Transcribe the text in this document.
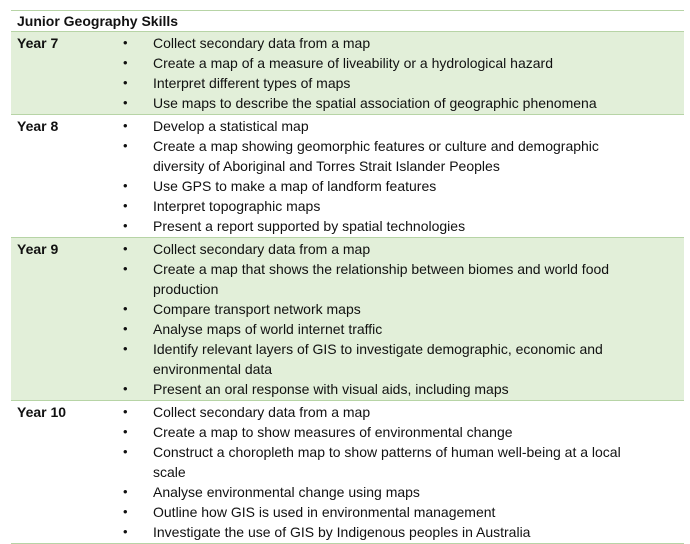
Junior Geography Skills
Year 7	•	Collect secondary data from a map
•	Create a map of a measure of liveability or a hydrological hazard
•	Interpret different types of maps
•	Use maps to describe the spatial association of geographic phenomena
Year 8	•	Develop a statistical map
•	Create a map showing geomorphic features or culture and demographic diversity of Aboriginal and Torres Strait Islander Peoples
•	Use GPS to make a map of landform features
•	Interpret topographic maps
•	Present a report supported by spatial technologies
Year 9	•	Collect secondary data from a map
•	Create a map that shows the relationship between biomes and world food production
•	Compare transport network maps
•	Analyse maps of world internet traffic
•	Identify relevant layers of GIS to investigate demographic, economic and environmental data
•	Present an oral response with visual aids, including maps
Year 10	•	Collect secondary data from a map
•	Create a map to show measures of environmental change
•	Construct a choropleth map to show patterns of human well-being at a local scale
•	Analyse environmental change using maps
•	Outline how GIS is used in environmental management
•	Investigate the use of GIS by Indigenous peoples in Australia
